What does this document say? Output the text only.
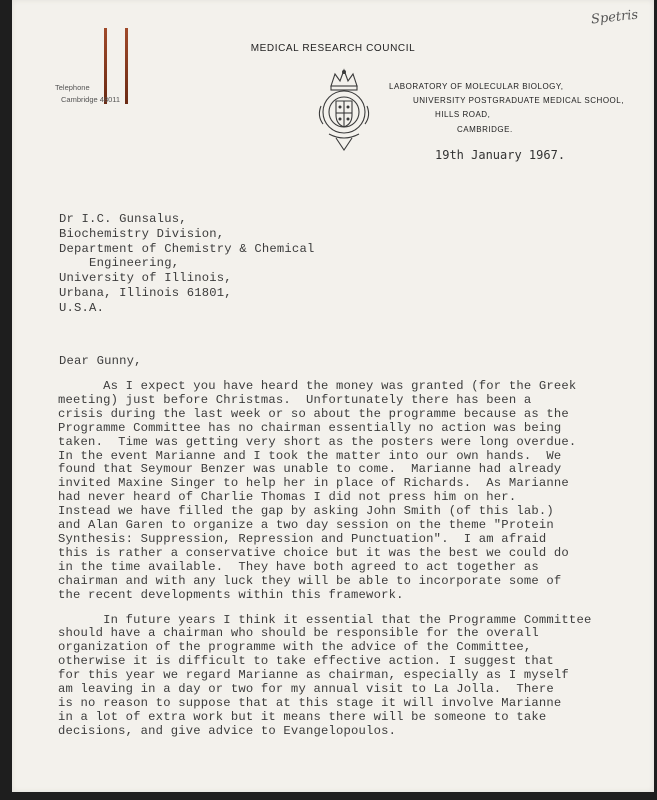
Spetris
MEDICAL RESEARCH COUNCIL
Telephone
Cambridge 48011
LABORATORY OF MOLECULAR BIOLOGY,
UNIVERSITY POSTGRADUATE MEDICAL SCHOOL,
HILLS ROAD,
CAMBRIDGE.
19th January 1967.
Dr I.C. Gunsalus,
Biochemistry Division,
Department of Chemistry & Chemical
Engineering,
University of Illinois,
Urbana, Illinois 61801,
U.S.A.
Dear Gunny,
As I expect you have heard the money was granted (for the Greek
meeting) just before Christmas.  Unfortunately there has been a
crisis during the last week or so about the programme because as the
Programme Committee has no chairman essentially no action was being
taken.  Time was getting very short as the posters were long overdue.
In the event Marianne and I took the matter into our own hands.  We
found that Seymour Benzer was unable to come.  Marianne had already
invited Maxine Singer to help her in place of Richards.  As Marianne
had never heard of Charlie Thomas I did not press him on her.
Instead we have filled the gap by asking John Smith (of this lab.)
and Alan Garen to organize a two day session on the theme "Protein
Synthesis: Suppression, Repression and Punctuation".  I am afraid
this is rather a conservative choice but it was the best we could do
in the time available.  They have both agreed to act together as
chairman and with any luck they will be able to incorporate some of
the recent developments within this framework.
In future years I think it essential that the Programme Committee
should have a chairman who should be responsible for the overall
organization of the programme with the advice of the Committee,
otherwise it is difficult to take effective action. I suggest that
for this year we regard Marianne as chairman, especially as I myself
am leaving in a day or two for my annual visit to La Jolla.  There
is no reason to suppose that at this stage it will involve Marianne
in a lot of extra work but it means there will be someone to take
decisions, and give advice to Evangelopoulos.
